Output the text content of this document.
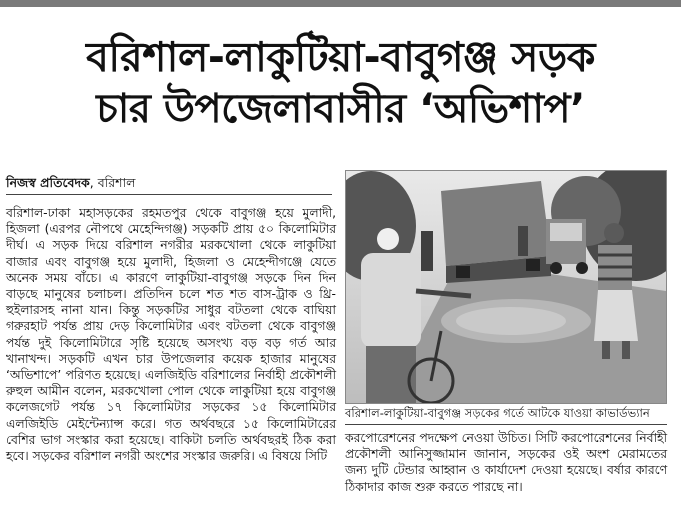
বরিশাল-লাকুটিয়া-বাবুগঞ্জ সড়ক
চার উপজেলাবাসীর ‘অভিশাপ’
নিজস্ব প্রতিবেদক, বরিশাল

বরিশাল-ঢাকা মহাসড়কের রহমতপুর থেকে বাবুগঞ্জ হয়ে মুলাদী, হিজলা (এরপর নৌপথে মেহেন্দিগঞ্জ) সড়কটি প্রায় ৫০ কিলোমিটার দীর্ঘ। এ সড়ক দিয়ে বরিশাল নগরীর মরকখোলা থেকে লাকুটিয়া বাজার এবং বাবুগঞ্জ হয়ে মুলাদী, হিজলা ও মেহেন্দীগঞ্জে যেতে অনেক সময় বাঁচে। এ কারণে লাকুটিয়া-বাবুগঞ্জ সড়কে দিন দিন বাড়ছে মানুষের চলাচল। প্রতিদিন চলে শত শত বাস-ট্রাক ও থ্রি-হুইলারসহ নানা যান। কিন্তু সড়কটির সাধুর বটতলা থেকে বাঘিয়া গরুরহাট পর্যন্ত প্রায় দেড় কিলোমিটার এবং বটতলা থেকে বাবুগঞ্জ পর্যন্ত দুই কিলোমিটারে সৃষ্টি হয়েছে অসংখ্য বড় বড় গর্ত আর খানাখন্দ। সড়কটি এখন চার উপজেলার কয়েক হাজার মানুষের ‘অভিশাপে’ পরিণত হয়েছে। এলজিইডি বরিশালের নির্বাহী প্রকৌশলী রুহুল আমীন বলেন, মরকখোলা পোল থেকে লাকুটিয়া হয়ে বাবুগঞ্জ কলেজগেট পর্যন্ত ১৭ কিলোমিটার সড়কের ১৫ কিলোমিটার এলজিইডি মেইন্টেন্যান্স করে। গত অর্থবছরে ১৫ কিলোমিটারের বেশির ভাগ সংস্কার করা হয়েছে। বাকিটা চলতি অর্থবছরই ঠিক করা হবে। সড়কের বরিশাল নগরী অংশের সংস্কার জরুরি। এ বিষয়ে সিটি

বরিশাল-লাকুটিয়া-বাবুগঞ্জ সড়কের গর্তে আটকে যাওয়া কাভার্ডভ্যান

করপোরেশনের পদক্ষেপ নেওয়া উচিত। সিটি করপোরেশনের নির্বাহী প্রকৌশলী আনিসুজ্জামান জানান, সড়কের ওই অংশ মেরামতের জন্য দুটি টেন্ডার আহ্বান ও কার্যাদেশ দেওয়া হয়েছে। বর্ষার কারণে ঠিকাদার কাজ শুরু করতে পারছে না।
